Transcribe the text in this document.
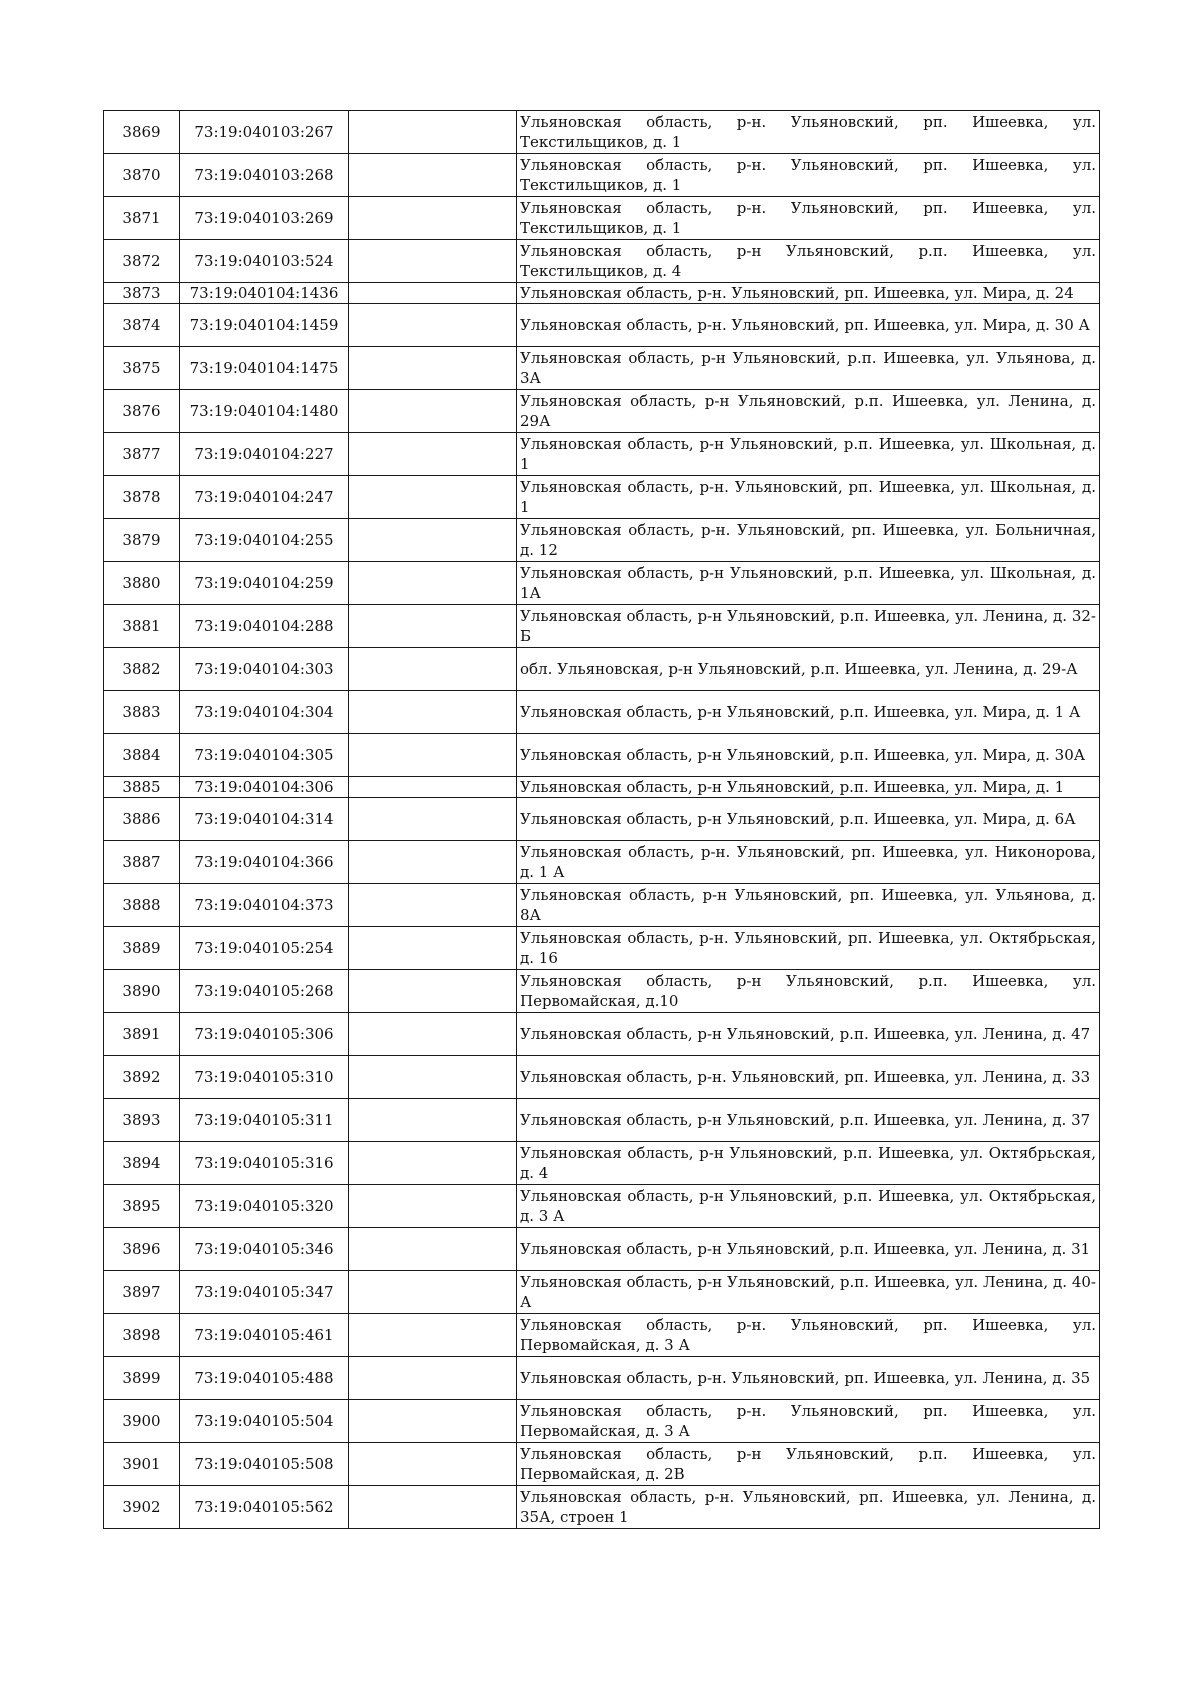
3869	73:19:040103:267		Ульяновская область, р-н. Ульяновский, рп. Ишеевка, ул. Текстильщиков, д. 1
3870	73:19:040103:268		Ульяновская область, р-н. Ульяновский, рп. Ишеевка, ул. Текстильщиков, д. 1
3871	73:19:040103:269		Ульяновская область, р-н. Ульяновский, рп. Ишеевка, ул. Текстильщиков, д. 1
3872	73:19:040103:524		Ульяновская область, р-н Ульяновский, р.п. Ишеевка, ул. Текстильщиков, д. 4
3873	73:19:040104:1436		Ульяновская область, р-н. Ульяновский, рп. Ишеевка, ул. Мира, д. 24
3874	73:19:040104:1459		Ульяновская область, р-н. Ульяновский, рп. Ишеевка, ул. Мира, д. 30 А
3875	73:19:040104:1475		Ульяновская область, р-н Ульяновский, р.п. Ишеевка, ул. Ульянова, д. 3А
3876	73:19:040104:1480		Ульяновская область, р-н Ульяновский, р.п. Ишеевка, ул. Ленина, д. 29А
3877	73:19:040104:227		Ульяновская область, р-н Ульяновский, р.п. Ишеевка, ул. Школьная, д. 1
3878	73:19:040104:247		Ульяновская область, р-н. Ульяновский, рп. Ишеевка, ул. Школьная, д. 1
3879	73:19:040104:255		Ульяновская область, р-н. Ульяновский, рп. Ишеевка, ул. Больничная, д. 12
3880	73:19:040104:259		Ульяновская область, р-н Ульяновский, р.п. Ишеевка, ул. Школьная, д. 1А
3881	73:19:040104:288		Ульяновская область, р-н Ульяновский, р.п. Ишеевка, ул. Ленина, д. 32- Б
3882	73:19:040104:303		обл. Ульяновская, р-н Ульяновский, р.п. Ишеевка, ул. Ленина, д. 29-А
3883	73:19:040104:304		Ульяновская область, р-н Ульяновский, р.п. Ишеевка, ул. Мира, д. 1 А
3884	73:19:040104:305		Ульяновская область, р-н Ульяновский, р.п. Ишеевка, ул. Мира, д. 30А
3885	73:19:040104:306		Ульяновская область, р-н Ульяновский, р.п. Ишеевка, ул. Мира, д. 1
3886	73:19:040104:314		Ульяновская область, р-н Ульяновский, р.п. Ишеевка, ул. Мира, д. 6А
3887	73:19:040104:366		Ульяновская область, р-н. Ульяновский, рп. Ишеевка, ул. Никонорова, д. 1 А
3888	73:19:040104:373		Ульяновская область, р-н Ульяновский, рп. Ишеевка, ул. Ульянова, д. 8А
3889	73:19:040105:254		Ульяновская область, р-н. Ульяновский, рп. Ишеевка, ул. Октябрьская, д. 16
3890	73:19:040105:268		Ульяновская область, р-н Ульяновский, р.п. Ишеевка, ул. Первомайская, д.10
3891	73:19:040105:306		Ульяновская область, р-н Ульяновский, р.п. Ишеевка, ул. Ленина, д. 47
3892	73:19:040105:310		Ульяновская область, р-н. Ульяновский, рп. Ишеевка, ул. Ленина, д. 33
3893	73:19:040105:311		Ульяновская область, р-н Ульяновский, р.п. Ишеевка, ул. Ленина, д. 37
3894	73:19:040105:316		Ульяновская область, р-н Ульяновский, р.п. Ишеевка, ул. Октябрьская, д. 4
3895	73:19:040105:320		Ульяновская область, р-н Ульяновский, р.п. Ишеевка, ул. Октябрьская, д. 3 А
3896	73:19:040105:346		Ульяновская область, р-н Ульяновский, р.п. Ишеевка, ул. Ленина, д. 31
3897	73:19:040105:347		Ульяновская область, р-н Ульяновский, р.п. Ишеевка, ул. Ленина, д. 40-А
3898	73:19:040105:461		Ульяновская область, р-н. Ульяновский, рп. Ишеевка, ул. Первомайская, д. 3 А
3899	73:19:040105:488		Ульяновская область, р-н. Ульяновский, рп. Ишеевка, ул. Ленина, д. 35
3900	73:19:040105:504		Ульяновская область, р-н. Ульяновский, рп. Ишеевка, ул. Первомайская, д. 3 А
3901	73:19:040105:508		Ульяновская область, р-н Ульяновский, р.п. Ишеевка, ул. Первомайская, д. 2В
3902	73:19:040105:562		Ульяновская область, р-н. Ульяновский, рп. Ишеевка, ул. Ленина, д. 35А, строен 1
